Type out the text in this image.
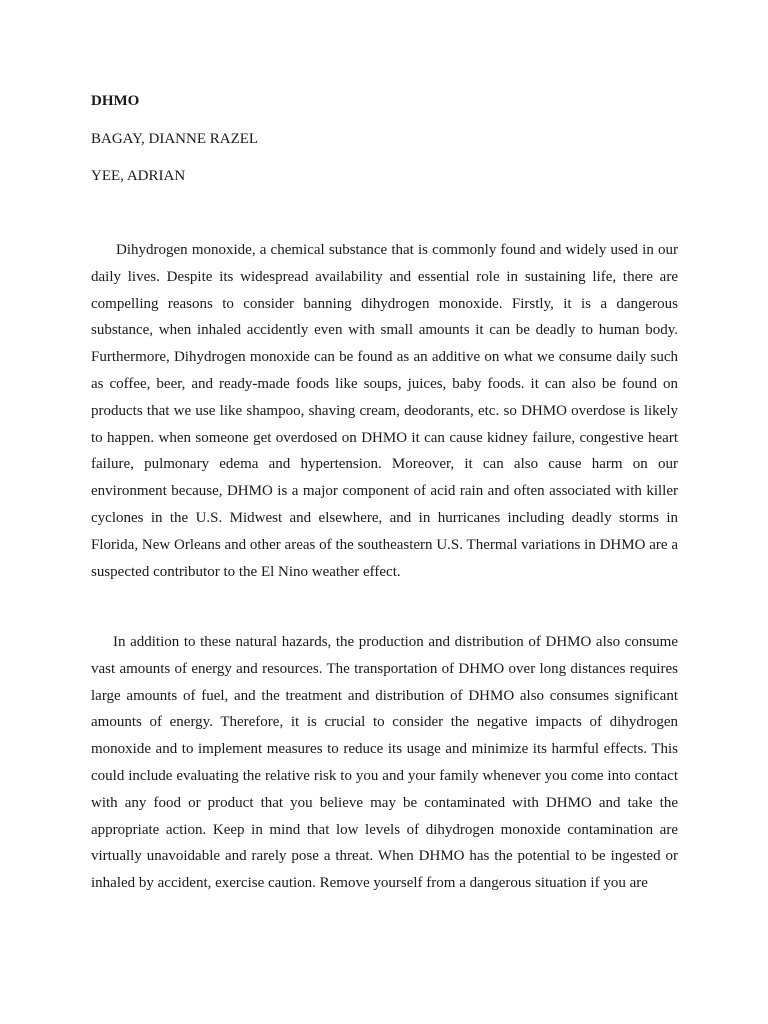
DHMO

BAGAY, DIANNE RAZEL

YEE, ADRIAN

Dihydrogen monoxide, a chemical substance that is commonly found and widely used in our daily lives. Despite its widespread availability and essential role in sustaining life, there are compelling reasons to consider banning dihydrogen monoxide. Firstly, it is a dangerous substance, when inhaled accidently even with small amounts it can be deadly to human body. Furthermore, Dihydrogen monoxide can be found as an additive on what we consume daily such as coffee, beer, and ready-made foods like soups, juices, baby foods. it can also be found on products that we use like shampoo, shaving cream, deodorants, etc. so DHMO overdose is likely to happen. when someone get overdosed on DHMO it can cause kidney failure, congestive heart failure, pulmonary edema and hypertension. Moreover, it can also cause harm on our environment because, DHMO is a major component of acid rain and often associated with killer cyclones in the U.S. Midwest and elsewhere, and in hurricanes including deadly storms in Florida, New Orleans and other areas of the southeastern U.S. Thermal variations in DHMO are a suspected contributor to the El Nino weather effect.

In addition to these natural hazards, the production and distribution of DHMO also consume vast amounts of energy and resources. The transportation of DHMO over long distances requires large amounts of fuel, and the treatment and distribution of DHMO also consumes significant amounts of energy. Therefore, it is crucial to consider the negative impacts of dihydrogen monoxide and to implement measures to reduce its usage and minimize its harmful effects. This could include evaluating the relative risk to you and your family whenever you come into contact with any food or product that you believe may be contaminated with DHMO and take the appropriate action. Keep in mind that low levels of dihydrogen monoxide contamination are virtually unavoidable and rarely pose a threat. When DHMO has the potential to be ingested or inhaled by accident, exercise caution. Remove yourself from a dangerous situation if you are
